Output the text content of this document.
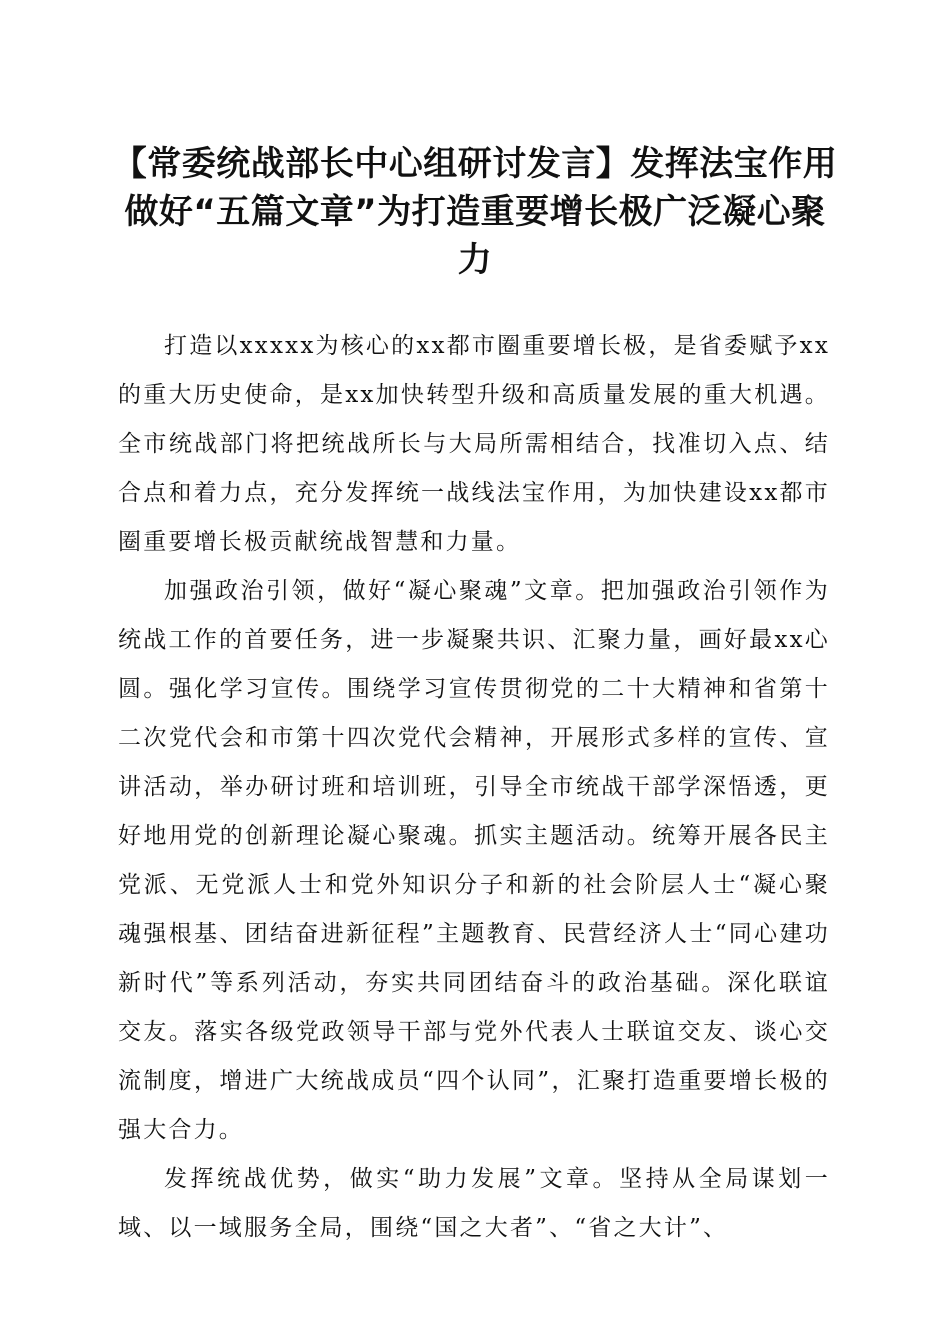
【常委统战部长中心组研讨发言】发挥法宝作用做好“五篇文章”为打造重要增长极广泛凝心聚力

打造以xxxxx为核心的xx都市圈重要增长极，是省委赋予xx的重大历史使命，是xx加快转型升级和高质量发展的重大机遇。全市统战部门将把统战所长与大局所需相结合，找准切入点、结合点和着力点，充分发挥统一战线法宝作用，为加快建设xx都市圈重要增长极贡献统战智慧和力量。

加强政治引领，做好“凝心聚魂”文章。把加强政治引领作为统战工作的首要任务，进一步凝聚共识、汇聚力量，画好最xx心圆。强化学习宣传。围绕学习宣传贯彻党的二十大精神和省第十二次党代会和市第十四次党代会精神，开展形式多样的宣传、宣讲活动，举办研讨班和培训班，引导全市统战干部学深悟透，更好地用党的创新理论凝心聚魂。抓实主题活动。统筹开展各民主党派、无党派人士和党外知识分子和新的社会阶层人士“凝心聚魂强根基、团结奋进新征程”主题教育、民营经济人士“同心建功新时代”等系列活动，夯实共同团结奋斗的政治基础。深化联谊交友。落实各级党政领导干部与党外代表人士联谊交友、谈心交流制度，增进广大统战成员“四个认同”，汇聚打造重要增长极的强大合力。

发挥统战优势，做实“助力发展”文章。坚持从全局谋划一域、以一域服务全局，围绕“国之大者”、“省之大计”、
